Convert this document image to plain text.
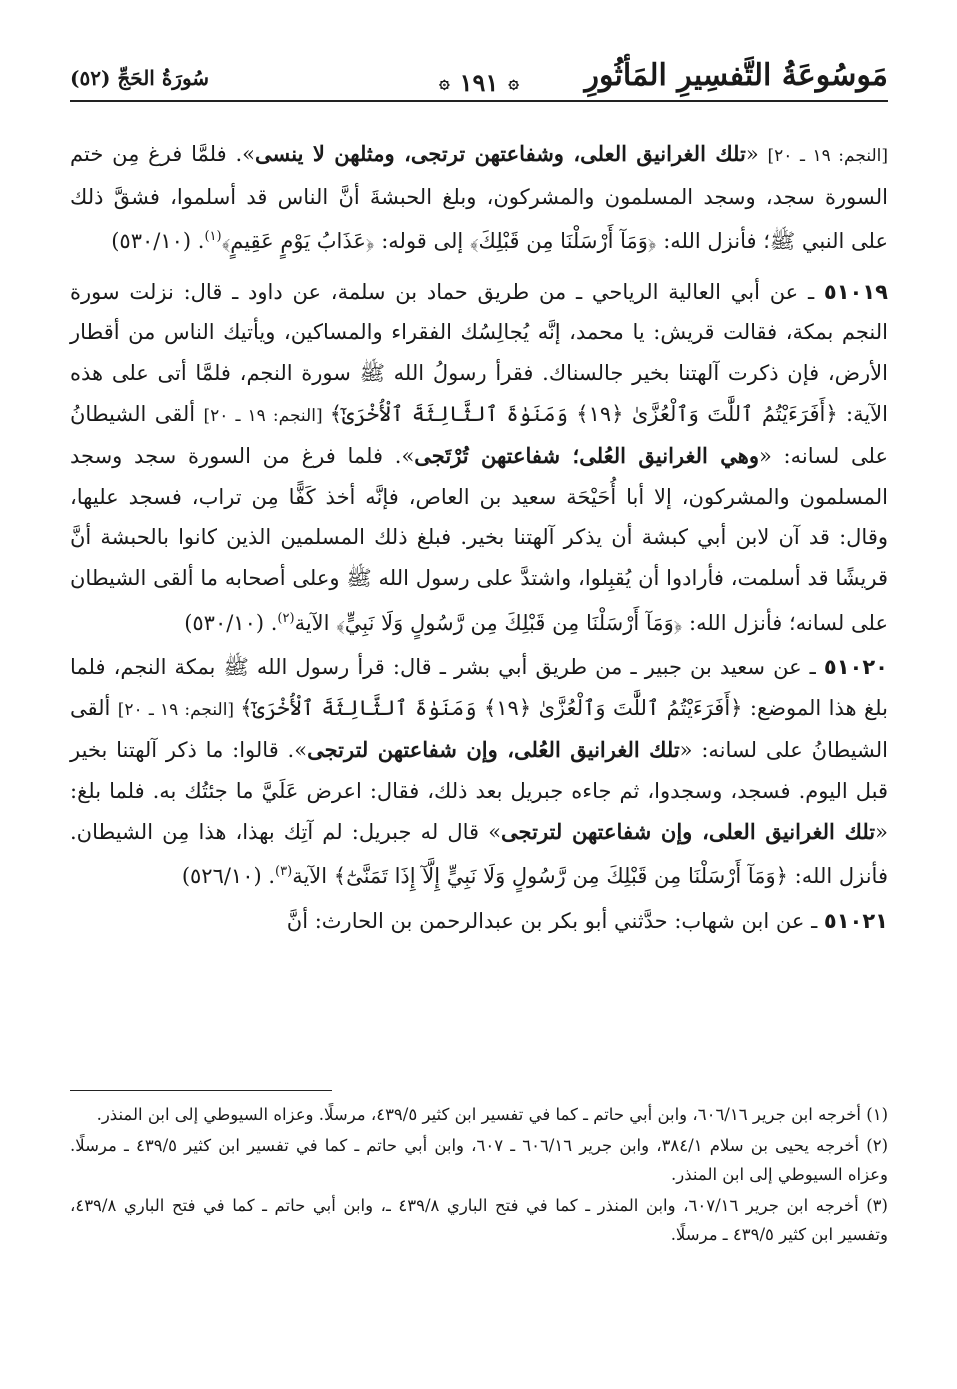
مَوسُوعَةُ التَّفسِيرِ المَأثُورِ
۞
١٩١
۞
سُورَةُ الحَجِّ (٥٢)

[النجم: ١٩ ـ ٢٠] «تلك الغرانيق العلى، وشفاعتهن ترتجى، ومثلهن لا ينسى». فلمَّا فرغ مِن ختم السورة سجد، وسجد المسلمون والمشركون، وبلغ الحبشةَ أنَّ الناس قد أسلموا، فشقَّ ذلك على النبي ﷺ؛ فأنزل الله: ﴿وَمَآ أَرْسَلْنَا مِن قَبْلِكَ﴾ إلى قوله: ﴿عَذَابُ يَوْمٍ عَقِيمٍ﴾$^{(١)}$. (٥٣٠/١٠)

٥١٠١٩ ـ عن أبي العالية الرياحي ـ من طريق حماد بن سلمة، عن داود ـ قال: نزلت سورة النجم بمكة، فقالت قريش: يا محمد، إنَّه يُجالِسُك الفقراء والمساكين، ويأتيك الناس من أقطار الأرض، فإن ذكرت آلهتنا بخير جالسناك. فقرأ رسولُ الله ﷺ سورة النجم، فلمَّا أتى على هذه الآية: ﴿أَفَرَءَيْتُمُ ٱللَّٰتَ وَٱلْعُزَّىٰ ﴿١٩﴾ وَمَنَوٰةَ ٱلثَّالِثَةَ ٱلْأُخْرَىٰٓ﴾ [النجم: ١٩ ـ ٢٠] ألقى الشيطانُ على لسانه: «وهي الغرانيق العُلى؛ شفاعتهن تُرْتَجى». فلما فرغ من السورة سجد وسجد المسلمون والمشركون، إلا أبا أُحَيْحَة سعيد بن العاص، فإنَّه أخذ كَفًّا مِن تراب، فسجد عليها، وقال: قد آن لابن أبي كبشة أن يذكر آلهتنا بخير. فبلغ ذلك المسلمين الذين كانوا بالحبشة أنَّ قريشًا قد أسلمت، فأرادوا أن يُقبِلوا، واشتدَّ على رسول الله ﷺ وعلى أصحابه ما ألقى الشيطان على لسانه؛ فأنزل الله: ﴿وَمَآ أَرْسَلْنَا مِن قَبْلِكَ مِن رَّسُولٍ وَلَا نَبِيٍّ﴾ الآية$^{(٢)}$. (٥٣٠/١٠)

٥١٠٢٠ ـ عن سعيد بن جبير ـ من طريق أبي بشر ـ قال: قرأ رسول الله ﷺ بمكة النجم، فلما بلغ هذا الموضع: ﴿أَفَرَءَيْتُمُ ٱللَّٰتَ وَٱلْعُزَّىٰ ﴿١٩﴾ وَمَنَوٰةَ ٱلثَّالِثَةَ ٱلْأُخْرَىٰٓ﴾ [النجم: ١٩ ـ ٢٠] ألقى الشيطانُ على لسانه: «تلك الغرانيق العُلى، وإن شفاعتهن لترتجى». قالوا: ما ذكر آلهتنا بخير قبل اليوم. فسجد، وسجدوا، ثم جاءه جبريل بعد ذلك، فقال: اعرض عَلَيَّ ما جئتُك به. فلما بلغ: «تلك الغرانيق العلى، وإن شفاعتهن لترتجى» قال له جبريل: لم آتِك بهذا، هذا مِن الشيطان. فأنزل الله: ﴿وَمَآ أَرْسَلْنَا مِن قَبْلِكَ مِن رَّسُولٍ وَلَا نَبِيٍّ إِلَّآ إِذَا تَمَنَّىٰٓ﴾ الآية$^{(٣)}$. (٥٢٦/١٠)

٥١٠٢١ ـ عن ابن شهاب: حدَّثني أبو بكر بن عبدالرحمن بن الحارث: أنَّ

(١) أخرجه ابن جرير ٦٠٦/١٦، وابن أبي حاتم ـ كما في تفسير ابن كثير ٤٣٩/٥، مرسلًا. وعزاه السيوطي إلى ابن المنذر.

(٢) أخرجه يحيى بن سلام ٣٨٤/١، وابن جرير ٦٠٦/١٦ ـ ٦٠٧، وابن أبي حاتم ـ كما في تفسير ابن كثير ٤٣٩/٥ ـ مرسلًا. وعزاه السيوطي إلى ابن المنذر.

(٣) أخرجه ابن جرير ٦٠٧/١٦، وابن المنذر ـ كما في فتح الباري ٤٣٩/٨ ـ، وابن أبي حاتم ـ كما في فتح الباري ٤٣٩/٨، وتفسير ابن كثير ٤٣٩/٥ ـ مرسلًا.
